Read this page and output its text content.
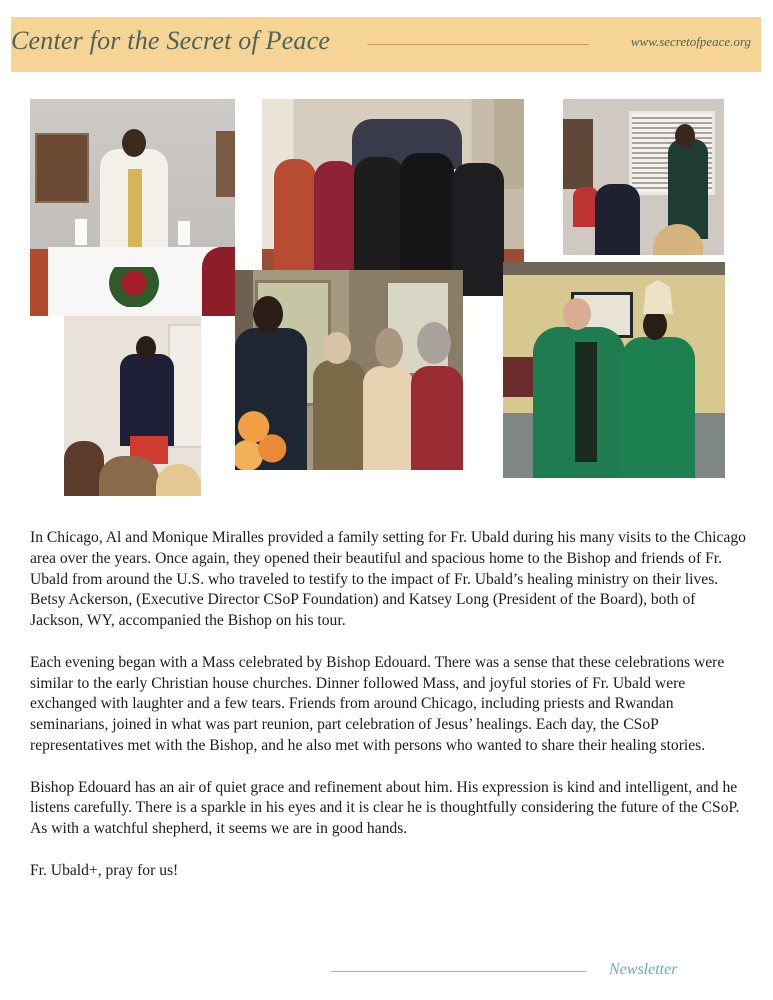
Center for the Secret of Peace	www.secretofpeace.org

In Chicago, Al and Monique Miralles provided a family setting for Fr. Ubald during his many visits to the Chicago area over the years. Once again, they opened their beautiful and spacious home to the Bishop and friends of Fr. Ubald from around the U.S. who traveled to testify to the impact of Fr. Ubald’s healing ministry on their lives. Betsy Ackerson, (Executive Director CSoP Foundation) and Katsey Long (President of the Board), both of Jackson, WY, accompanied the Bishop on his tour.

Each evening began with a Mass celebrated by Bishop Edouard. There was a sense that these celebrations were similar to the early Christian house churches. Dinner followed Mass, and joyful stories of Fr. Ubald were exchanged with laughter and a few tears. Friends from around Chicago, including priests and Rwandan seminarians, joined in what was part reunion, part celebration of Jesus’ healings. Each day, the CSoP representatives met with the Bishop, and he also met with persons who wanted to share their healing stories.

Bishop Edouard has an air of quiet grace and refinement about him. His expression is kind and intelligent, and he listens carefully. There is a sparkle in his eyes and it is clear he is thoughtfully considering the future of the CSoP. As with a watchful shepherd, it seems we are in good hands.

Fr. Ubald+, pray for us!

Newsletter
